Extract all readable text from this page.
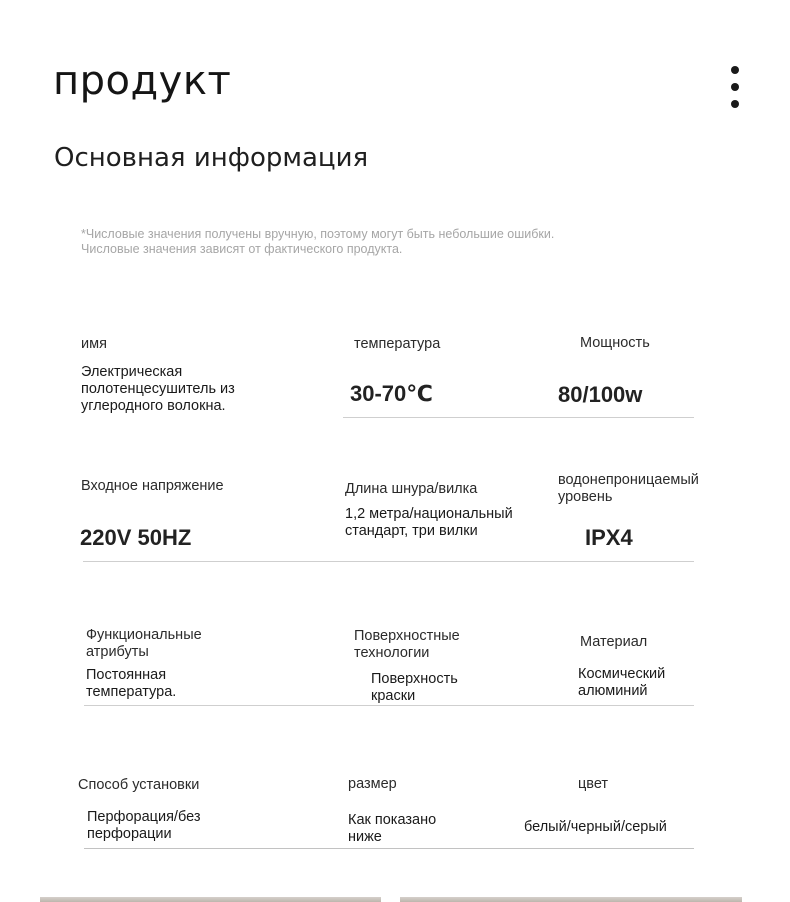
продукт
Основная информация
*Числовые значения получены вручную, поэтому могут быть небольшие ошибки. Числовые значения зависят от фактического продукта.
имя
Электрическая полотенцесушитель из углеродного волокна.
температура
30-70℃
Мощность
80/100w
Входное напряжение
220V 50HZ
Длина шнура/вилка
1,2 метра/национальный стандарт, три вилки
водонепроницаемый уровень
IPX4
Функциональные атрибуты
Постоянная температура.
Поверхностные технологии
Поверхность краски
Материал
Космический алюминий
Способ установки
Перфорация/без перфорации
размер
Как показано ниже
цвет
белый/черный/серый
